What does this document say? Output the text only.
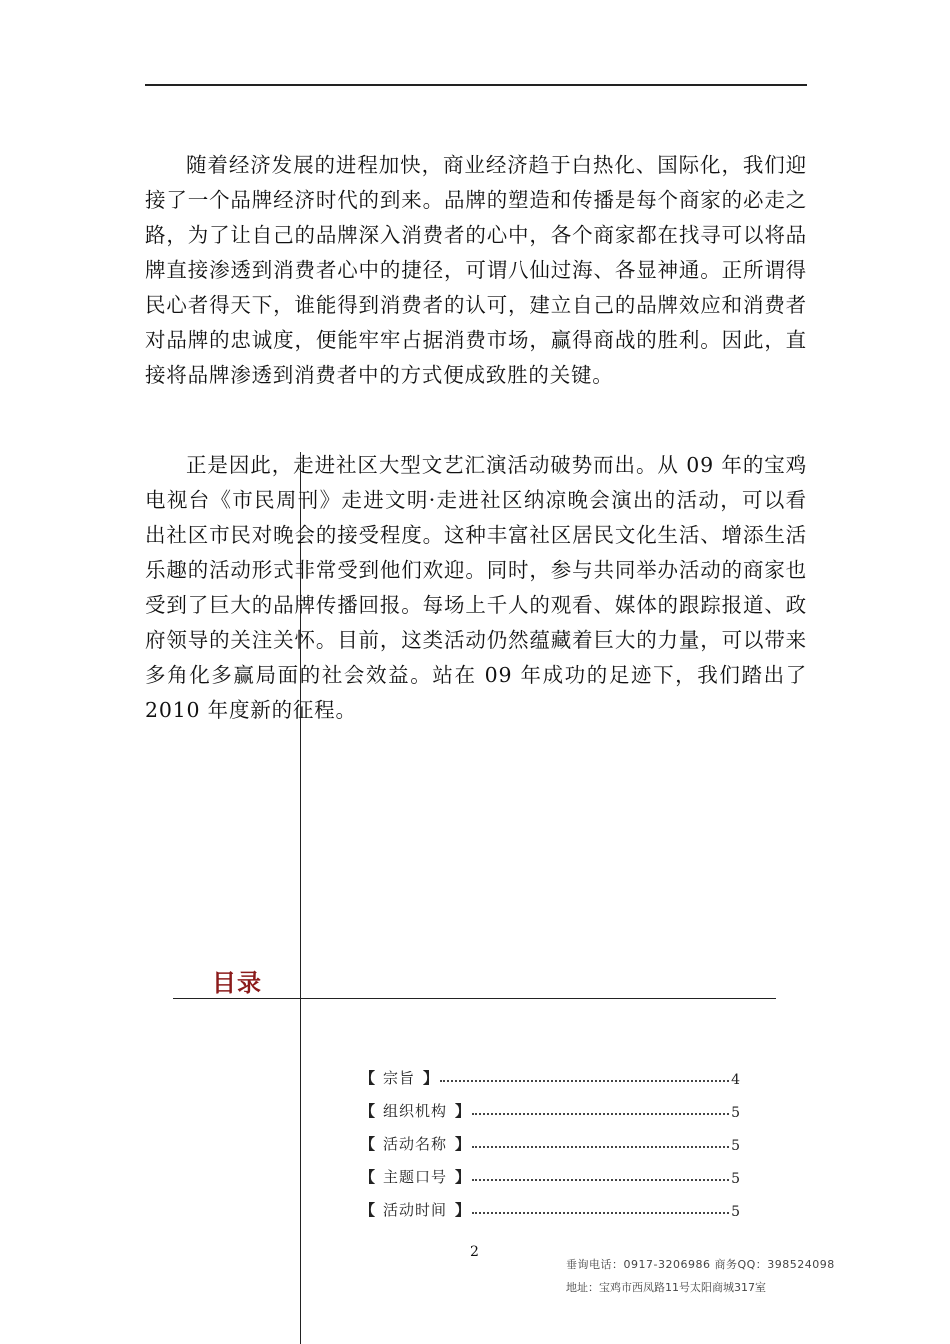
随着经济发展的进程加快，商业经济趋于白热化、国际化，我们迎接了一个品牌经济时代的到来。品牌的塑造和传播是每个商家的必走之路，为了让自己的品牌深入消费者的心中，各个商家都在找寻可以将品牌直接渗透到消费者心中的捷径，可谓八仙过海、各显神通。正所谓得民心者得天下，谁能得到消费者的认可，建立自己的品牌效应和消费者对品牌的忠诚度，便能牢牢占据消费市场，赢得商战的胜利。因此，直接将品牌渗透到消费者中的方式便成致胜的关键。

正是因此，走进社区大型文艺汇演活动破势而出。从 09 年的宝鸡电视台《市民周刊》走进文明·走进社区纳凉晚会演出的活动，可以看出社区市民对晚会的接受程度。这种丰富社区居民文化生活、增添生活乐趣的活动形式非常受到他们欢迎。同时，参与共同举办活动的商家也受到了巨大的品牌传播回报。每场上千人的观看、媒体的跟踪报道、政府领导的关注关怀。目前，这类活动仍然蕴藏着巨大的力量，可以带来多角化多赢局面的社会效益。站在 09 年成功的足迹下，我们踏出了 2010 年度新的征程。

目录
【 宗旨 】	4
【 组织机构 】	5
【 活动名称 】	5
【 主题口号 】	5
【 活动时间 】	5
2
垂询电话：0917-3206986 商务QQ：398524098
地址：宝鸡市西凤路11号太阳商城317室
